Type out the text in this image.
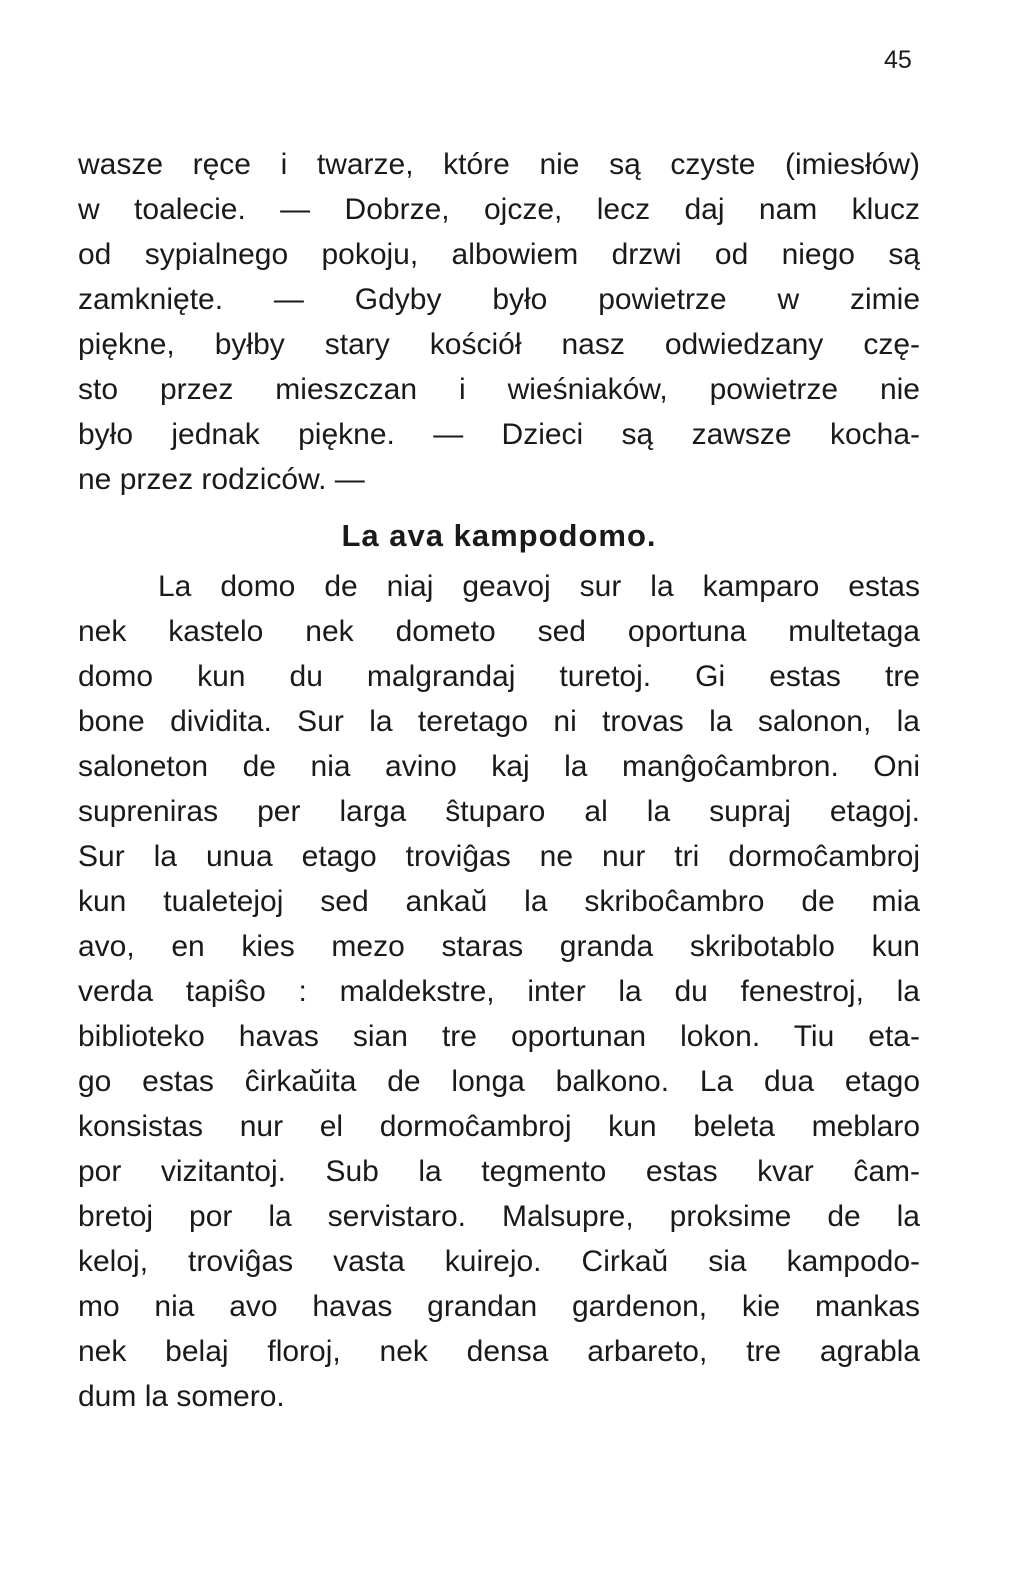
45
wasze ręce i twarze, które nie są czyste (imiesłów)
w toalecie. — Dobrze, ojcze, lecz daj nam klucz
od sypialnego pokoju, albowiem drzwi od niego są
zamknięte. — Gdyby było powietrze w zimie
piękne, byłby stary kościół nasz odwiedzany czę-
sto przez mieszczan i wieśniaków, powietrze nie
było jednak piękne. — Dzieci są zawsze kocha-
ne przez rodziców. —
La ava kampodomo.
La domo de niaj geavoj sur la kamparo estas
nek kastelo nek dometo sed oportuna multetaga
domo kun du malgrandaj turetoj. Gi estas tre
bone dividita. Sur la teretago ni trovas la salonon, la
saloneton de nia avino kaj la manĝoĉambron. Oni
supreniras per larga ŝtuparo al la supraj etagoj.
Sur la unua etago troviĝas ne nur tri dormoĉambroj
kun tualetejoj sed ankaŭ la skriboĉambro de mia
avo, en kies mezo staras granda skribotablo kun
verda tapiŝo : maldekstre, inter la du fenestroj, la
biblioteko havas sian tre oportunan lokon. Tiu eta-
go estas ĉirkaŭita de longa balkono. La dua etago
konsistas nur el dormoĉambroj kun beleta meblaro
por vizitantoj. Sub la tegmento estas kvar ĉam-
bretoj por la servistaro. Malsupre, proksime de la
keloj, troviĝas vasta kuirejo. Cirkaŭ sia kampodo-
mo nia avo havas grandan gardenon, kie mankas
nek belaj floroj, nek densa arbareto, tre agrabla
dum la somero.
